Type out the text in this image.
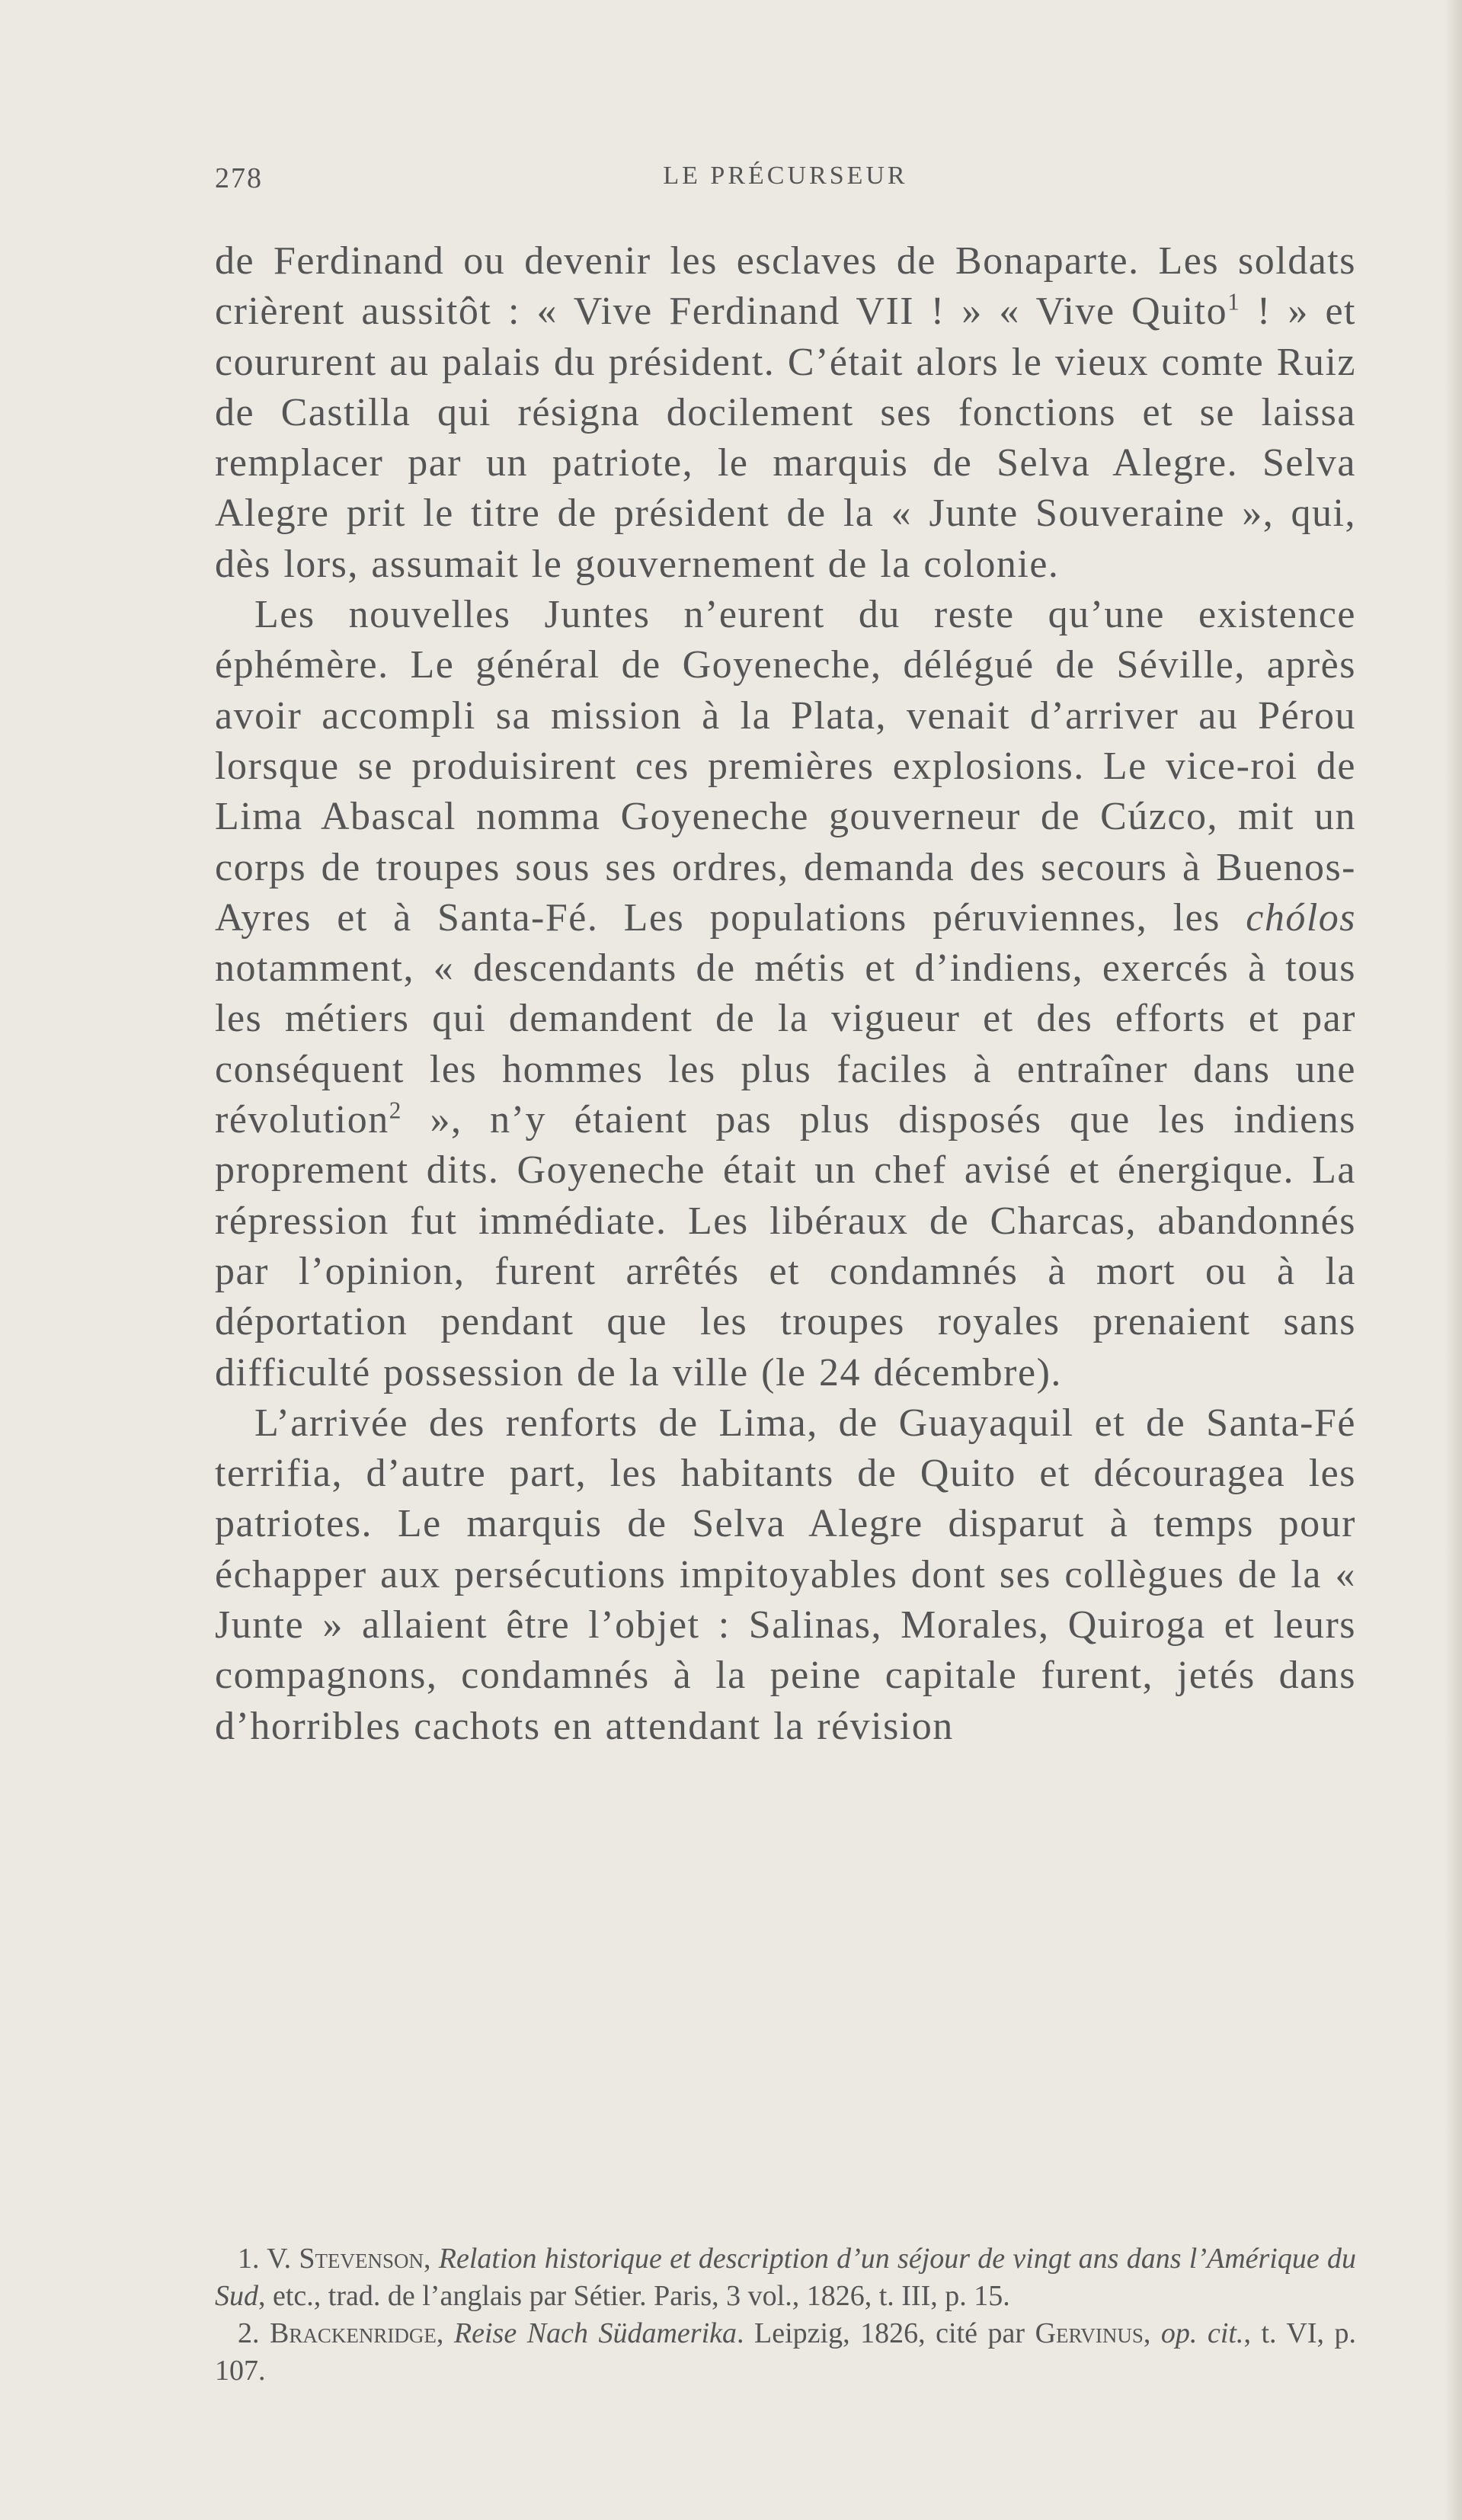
278	LE PRÉCURSEUR

de Ferdinand ou devenir les esclaves de Bonaparte. Les soldats crièrent aussitôt : « Vive Ferdinand VII ! » « Vive Quito$^1$ ! » et coururent au palais du président. C’était alors le vieux comte Ruiz de Castilla qui résigna docilement ses fonctions et se laissa remplacer par un patriote, le marquis de Selva Alegre. Selva Alegre prit le titre de président de la « Junte Souveraine », qui, dès lors, assumait le gouvernement de la colonie.

Les nouvelles Juntes n’eurent du reste qu’une existence éphémère. Le général de Goyeneche, délégué de Séville, après avoir accompli sa mission à la Plata, venait d’arriver au Pérou lorsque se produisirent ces premières explosions. Le vice-roi de Lima Abascal nomma Goyeneche gouverneur de Cúzco, mit un corps de troupes sous ses ordres, demanda des secours à Buenos-Ayres et à Santa-Fé. Les populations péruviennes, les chólos notamment, « descendants de métis et d’indiens, exercés à tous les métiers qui demandent de la vigueur et des efforts et par conséquent les hommes les plus faciles à entraîner dans une révolution$^2$ », n’y étaient pas plus disposés que les indiens proprement dits. Goyeneche était un chef avisé et énergique. La répression fut immédiate. Les libéraux de Charcas, abandonnés par l’opinion, furent arrêtés et condamnés à mort ou à la déportation pendant que les troupes royales prenaient sans difficulté possession de la ville (le 24 décembre).

L’arrivée des renforts de Lima, de Guayaquil et de Santa-Fé terrifia, d’autre part, les habitants de Quito et découragea les patriotes. Le marquis de Selva Alegre disparut à temps pour échapper aux persécutions impitoyables dont ses collègues de la « Junte » allaient être l’objet : Salinas, Morales, Quiroga et leurs compagnons, condamnés à la peine capitale furent, jetés dans d’horribles cachots en attendant la révision

1. V. Stevenson, Relation historique et description d’un séjour de vingt ans dans l’Amérique du Sud, etc., trad. de l’anglais par Sétier. Paris, 3 vol., 1826, t. III, p. 15.

2. Brackenridge, Reise Nach Südamerika. Leipzig, 1826, cité par Gervinus, op. cit., t. VI, p. 107.
